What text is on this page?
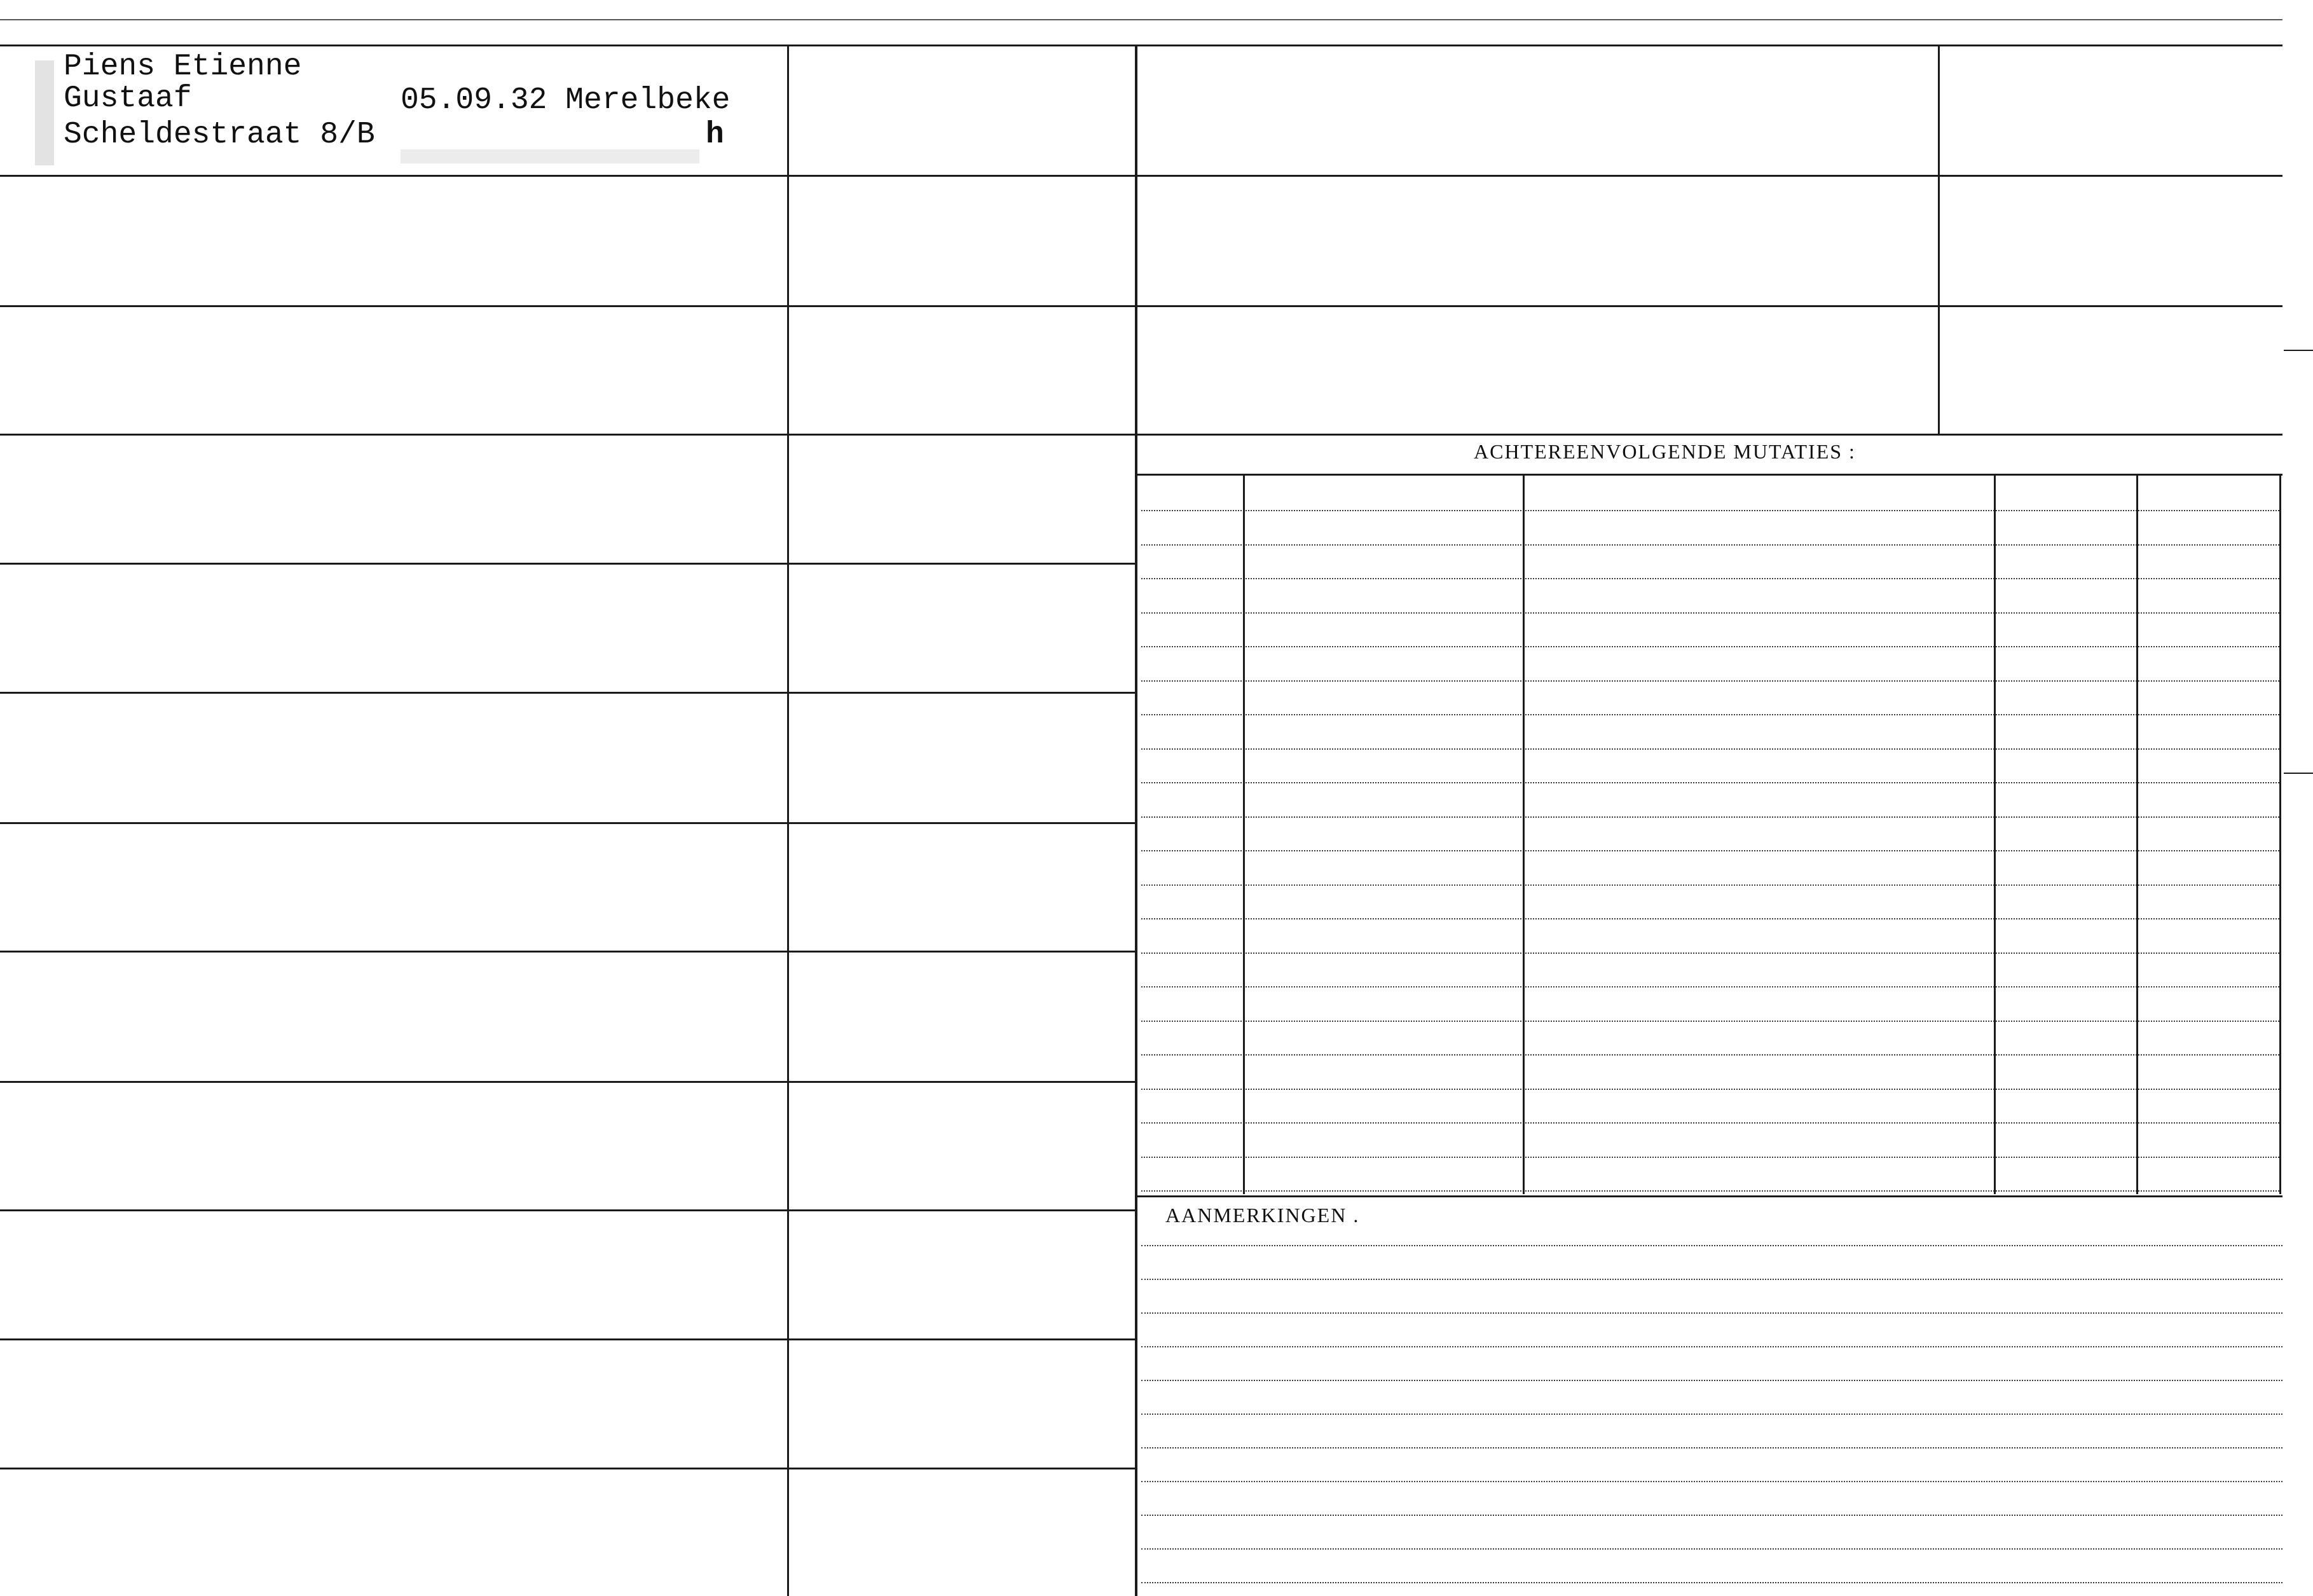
ACHTEREENVOLGENDE MUTATIES :
AANMERKINGEN .
Piens Etienne
Gustaaf	05.09.32 Merelbeke
Scheldestraat 8/B	h
